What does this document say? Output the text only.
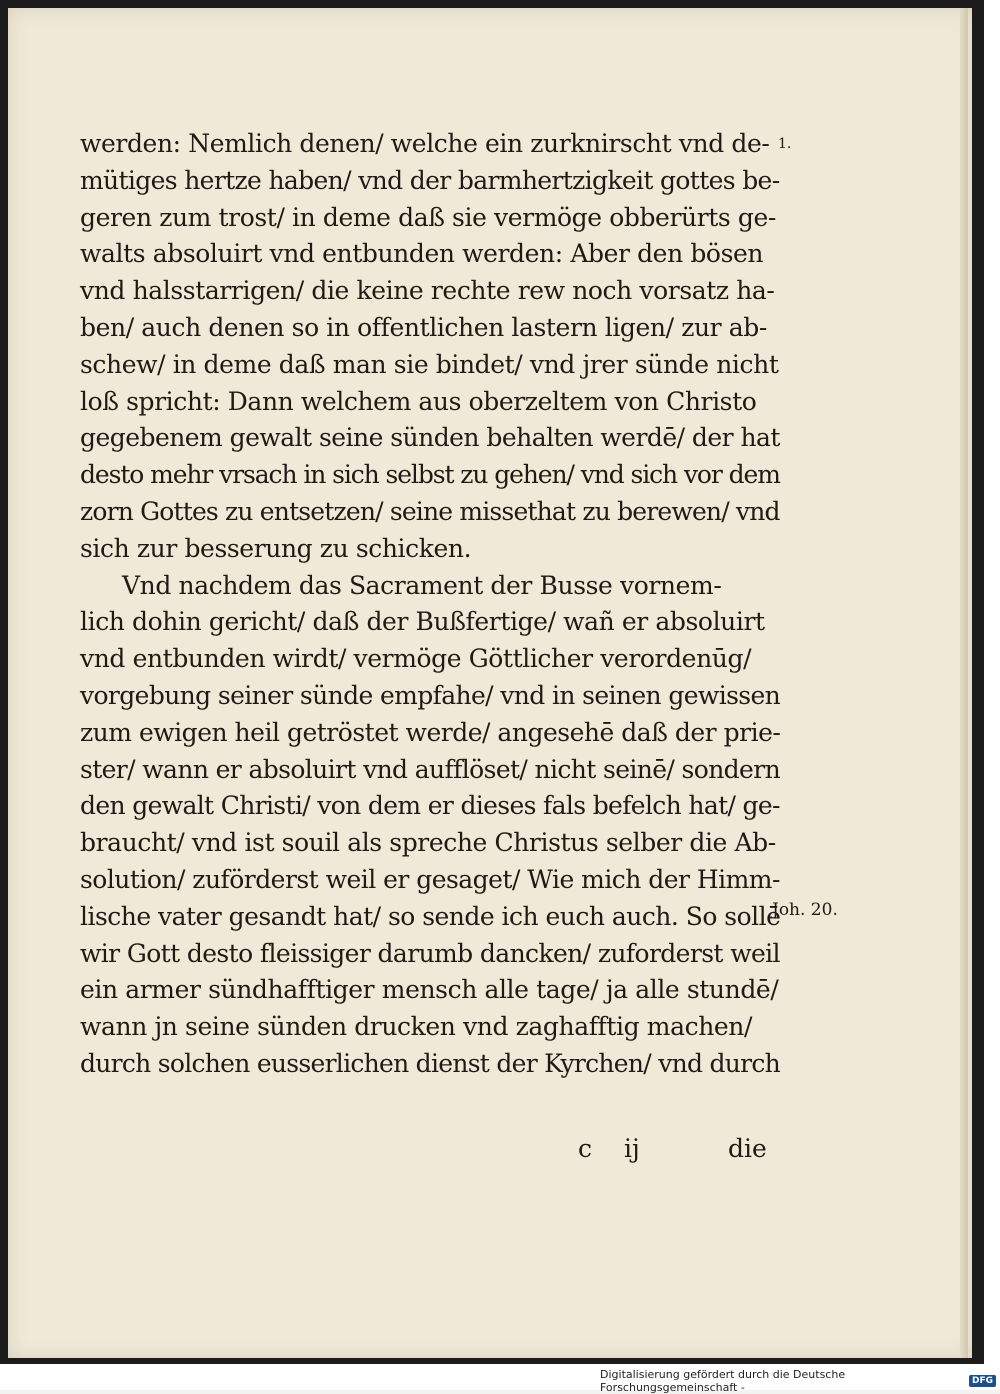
werden: Nemlich denen/ welche ein zurknirscht vnd de-
mütiges hertze haben/ vnd der barmhertzigkeit gottes be-
geren zum trost/ in deme daß sie vermöge obberürts ge-
walts absoluirt vnd entbunden werden: Aber den bösen
vnd halsstarrigen/ die keine rechte rew noch vorsatz ha-
ben/ auch denen so in offentlichen lastern ligen/ zur ab-
schew/ in deme daß man sie bindet/ vnd jrer sünde nicht
loß spricht: Dann welchem aus oberzeltem von Christo
gegebenem gewalt seine sünden behalten werdē/ der hat
desto mehr vrsach in sich selbst zu gehen/ vnd sich vor dem
zorn Gottes zu entsetzen/ seine missethat zu berewen/ vnd
sich zur besserung zu schicken.
Vnd nachdem das Sacrament der Busse vornem-
lich dohin gericht/ daß der Bußfertige/ wañ er absoluirt
vnd entbunden wirdt/ vermöge Göttlicher verordenūg/
vorgebung seiner sünde empfahe/ vnd in seinen gewissen
zum ewigen heil getröstet werde/ angesehē daß der prie-
ster/ wann er absoluirt vnd aufflöset/ nicht seinē/ sondern
den gewalt Christi/ von dem er dieses fals befelch hat/ ge-
braucht/ vnd ist souil als spreche Christus selber die Ab-
solution/ zuförderst weil er gesaget/ Wie mich der Himm-
lische vater gesandt hat/ so sende ich euch auch. So sollē
wir Gott desto fleissiger darumb dancken/ zuforderst weil
ein armer sündhafftiger mensch alle tage/ ja alle stundē/
wann jn seine sünden drucken vnd zaghafftig machen/
durch solchen eusserlichen dienst der Kyrchen/ vnd durch
1.
Joh. 20.
c ij	die
Digitalisierung gefördert durch die Deutsche Forschungsgemeinschaft -	DFG
